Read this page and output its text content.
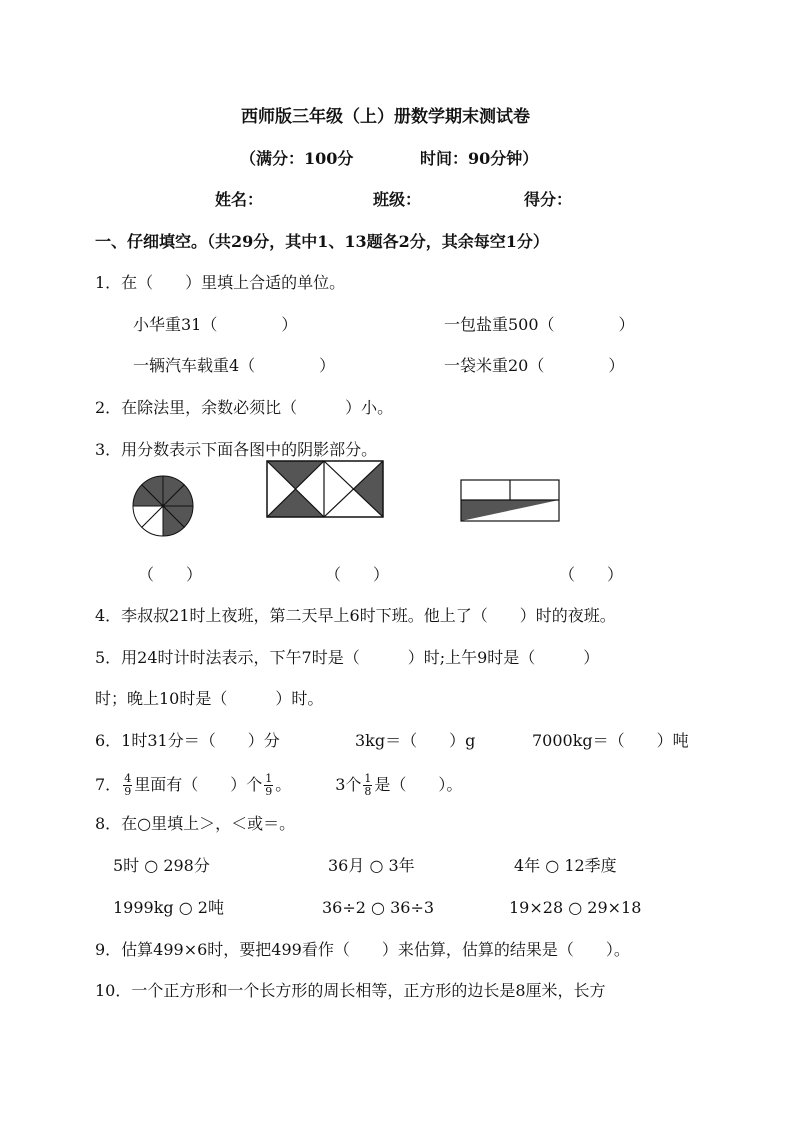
西师版三年级（上）册数学期末测试卷
（满分：100分	时间：90分钟）
姓名：	班级：	得分：
一、仔细填空。（共29分，其中1、13题各2分，其余每空1分）
1．在（　　）里填上合适的单位。
小华重31（　　　　）	一包盐重500（　　　　）
一辆汽车载重4（　　　　）	一袋米重20（　　　　）
2．在除法里，余数必须比（　　　）小。
3．用分数表示下面各图中的阴影部分。
（　　）	（　　）	（　　）
4．李叔叔21时上夜班，第二天早上6时下班。他上了（　　）时的夜班。
5．用24时计时法表示，下午7时是（　　　）时;上午9时是（　　　）
时；晚上10时是（　　　）时。
6．1时31分＝（　　）分	3kg＝（　　）g	7000kg＝（　　）吨
7． $\frac{4}{9}$ 里面有（　　）个 $\frac{1}{9}$ 。	3个 $\frac{1}{8}$ 是（　　）。
8．在○里填上＞，＜或＝。
5时 ○ 298分	36月 ○ 3年	4年 ○ 12季度
1999kg ○ 2吨	36÷2 ○ 36÷3	19×28 ○ 29×18
9．估算499×6时，要把499看作（　　）来估算，估算的结果是（　　）。
10．一个正方形和一个长方形的周长相等，正方形的边长是8厘米，长方
